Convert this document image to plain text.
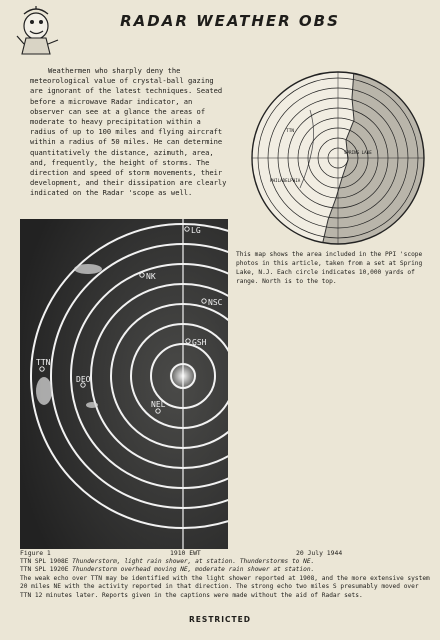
RADAR WEATHER OBS

Weathermen who sharply deny the meteorological value of crystal-ball gazing are ignorant of the latest techniques. Seated before a microwave Radar indicator, an observer can see at a glance the areas of moderate to heavy precipitation within a radius of up to 100 miles and flying aircraft within a radius of 50 miles. He can determine quantitatively the distance, azimuth, area, and, frequently, the height of storms. The direction and speed of storm movements, their development, and their dissipation are clearly indicated on the Radar 'scope as well.

TTN
SPRING LAKE
PHILADELPHIA

This map shows the area included in the PPI 'scope photos in this article, taken from a set at Spring Lake, N.J. Each circle indicates 10,000 yards of range. North is to the top.

LG
NK
NSC
GSH
TTN
NEL
DEO
Figure 1	1910 EWT	20 July 1944

TTN SPL 1908E Thunderstorm, light rain shower, at station. Thunderstorms to NE.
TTN SPL 1920E Thunderstorm overhead moving NE, moderate rain shower at station.
The weak echo over TTN may be identified with the light shower reported at 1908, and the more extensive system 20 miles NE with the activity reported in that direction. The strong echo two miles S presumably moved over TTN 12 minutes later. Reports given in the captions were made without the aid of Radar sets.

RESTRICTED
